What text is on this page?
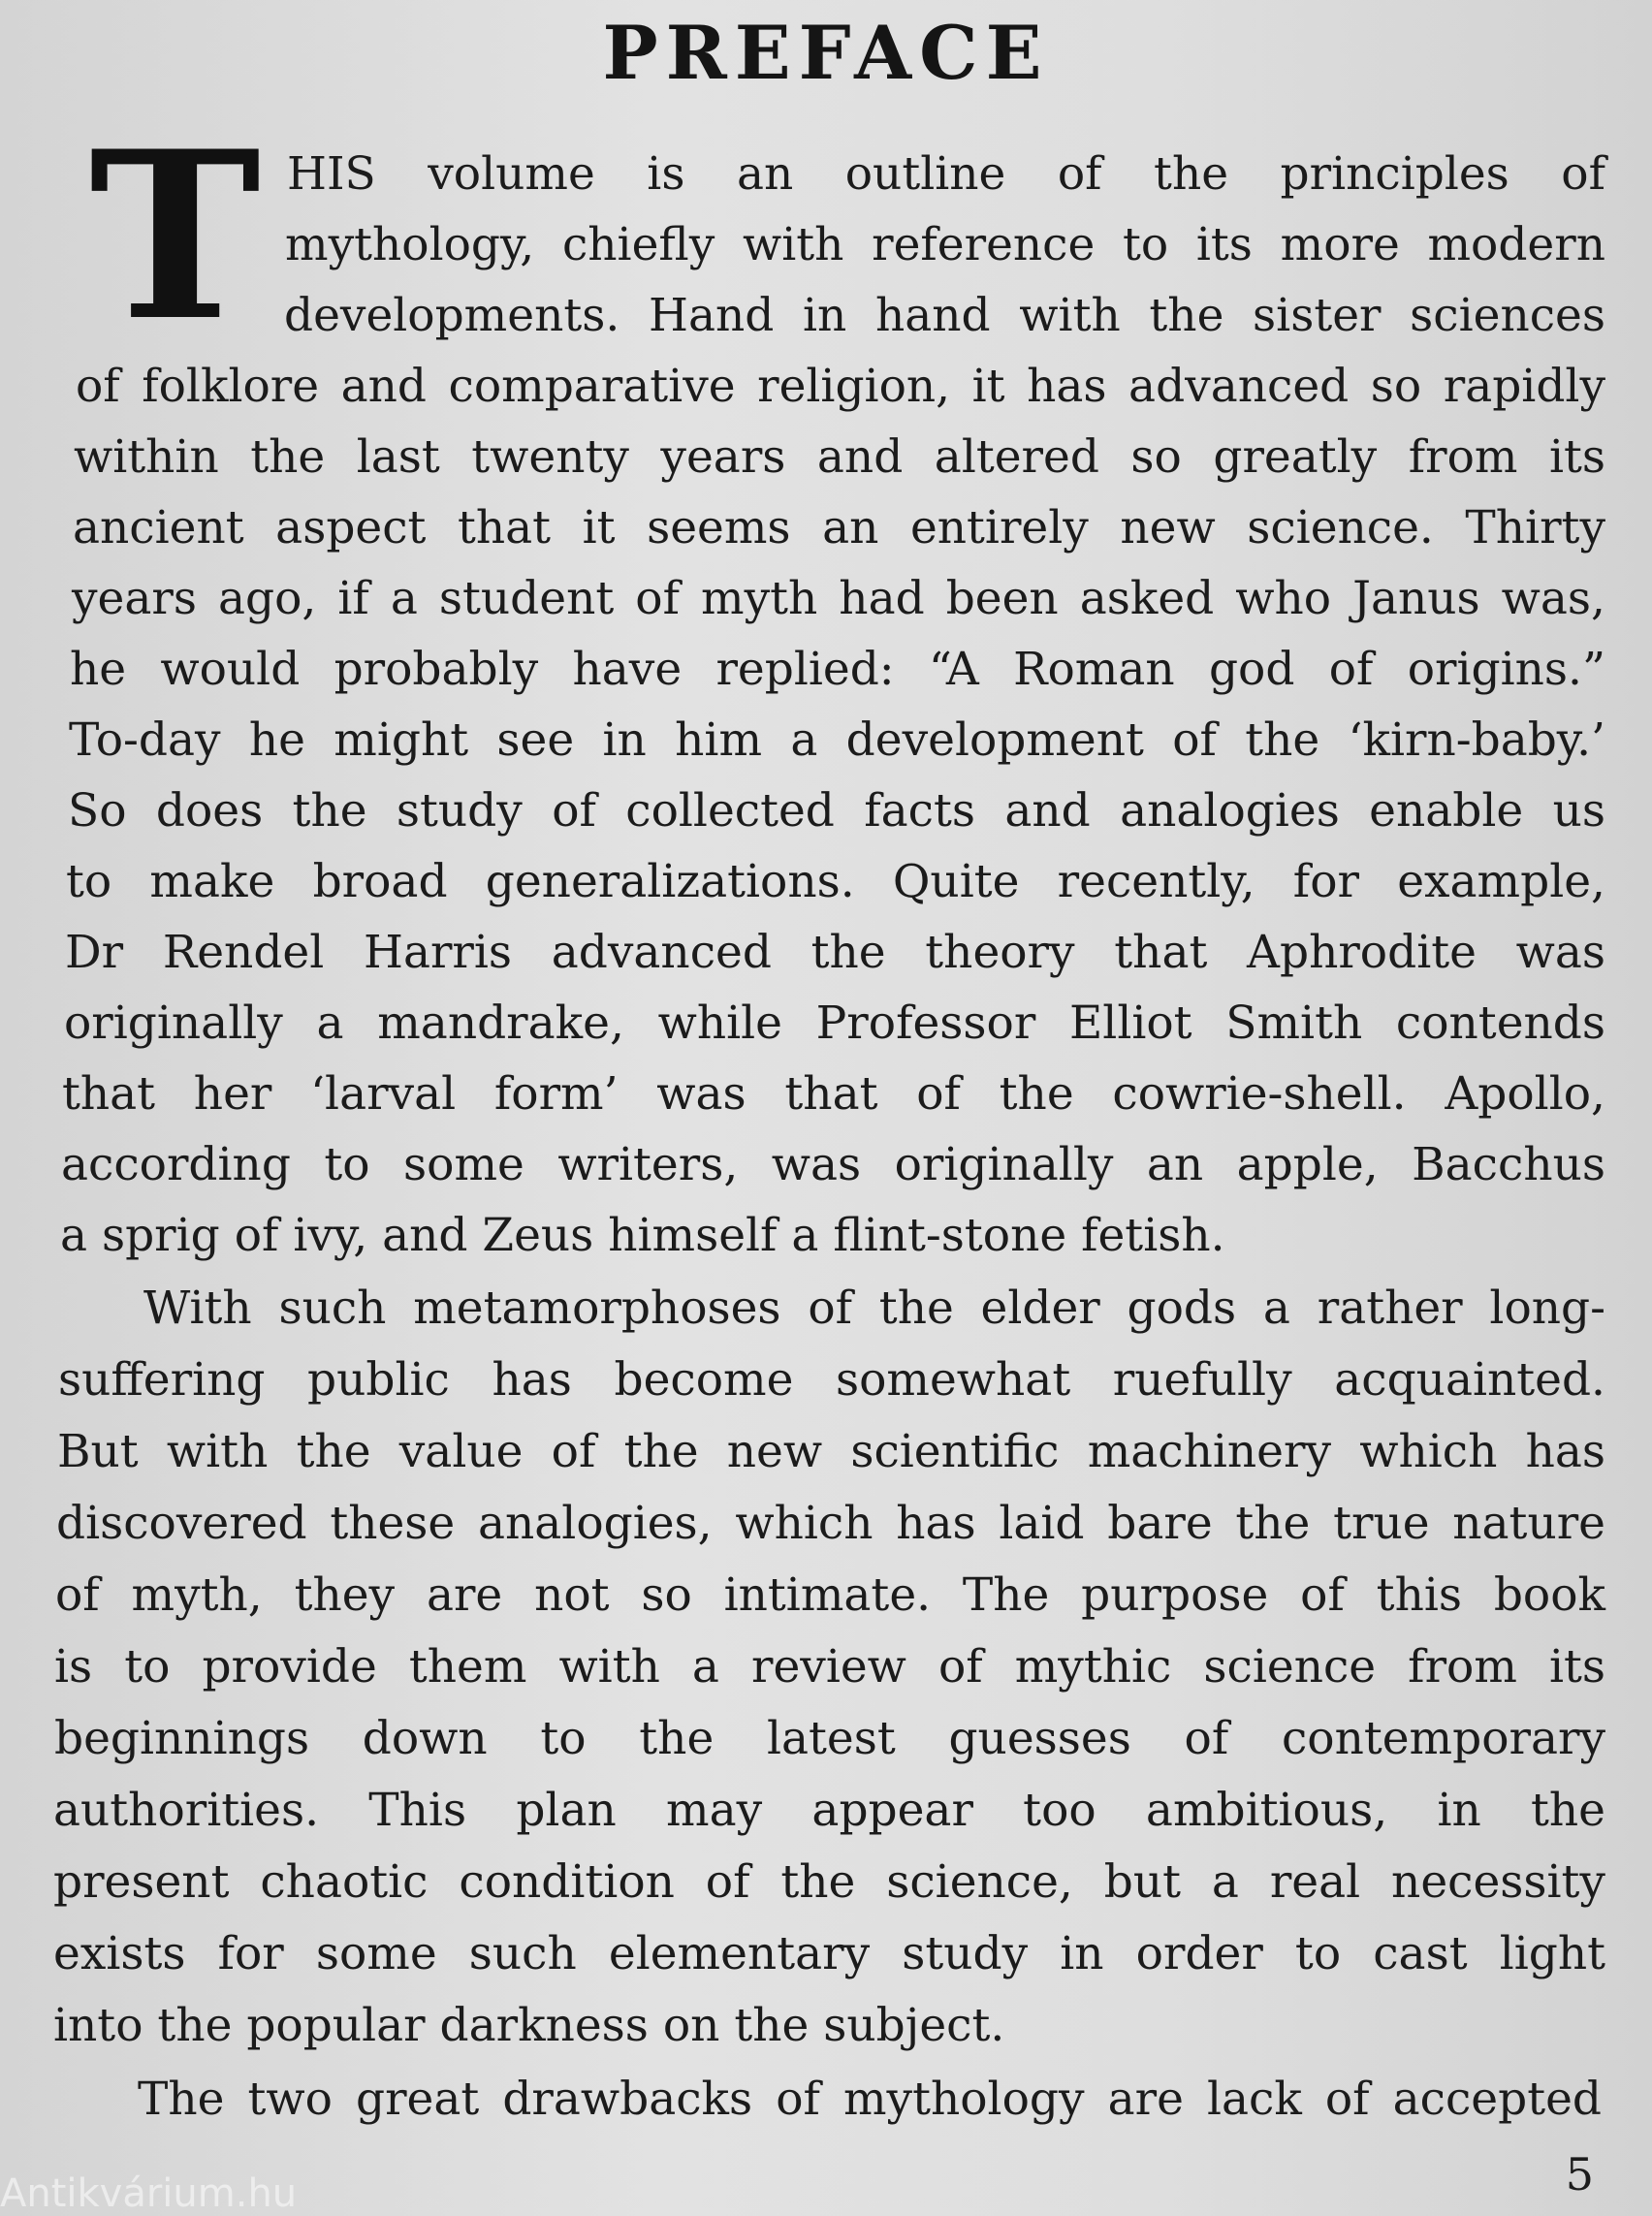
PREFACE
T HIS volume is an outline of the principles of
mythology, chiefly with reference to its more modern
developments. Hand in hand with the sister sciences
of folklore and comparative religion, it has advanced so rapidly
within the last twenty years and altered so greatly from its
ancient aspect that it seems an entirely new science. Thirty
years ago, if a student of myth had been asked who Janus was,
he would probably have replied: “A Roman god of origins.”
To-day he might see in him a development of the ‘kirn-baby.’
So does the study of collected facts and analogies enable us
to make broad generalizations. Quite recently, for example,
Dr Rendel Harris advanced the theory that Aphrodite was
originally a mandrake, while Professor Elliot Smith contends
that her ‘larval form’ was that of the cowrie-shell. Apollo,
according to some writers, was originally an apple, Bacchus
a sprig of ivy, and Zeus himself a flint-stone fetish.
With such metamorphoses of the elder gods a rather long-
suffering public has become somewhat ruefully acquainted.
But with the value of the new scientific machinery which has
discovered these analogies, which has laid bare the true nature
of myth, they are not so intimate. The purpose of this book
is to provide them with a review of mythic science from its
beginnings down to the latest guesses of contemporary
authorities. This plan may appear too ambitious, in the
present chaotic condition of the science, but a real necessity
exists for some such elementary study in order to cast light
into the popular darkness on the subject.
The two great drawbacks of mythology are lack of accepted
5
Antikvárium.hu
